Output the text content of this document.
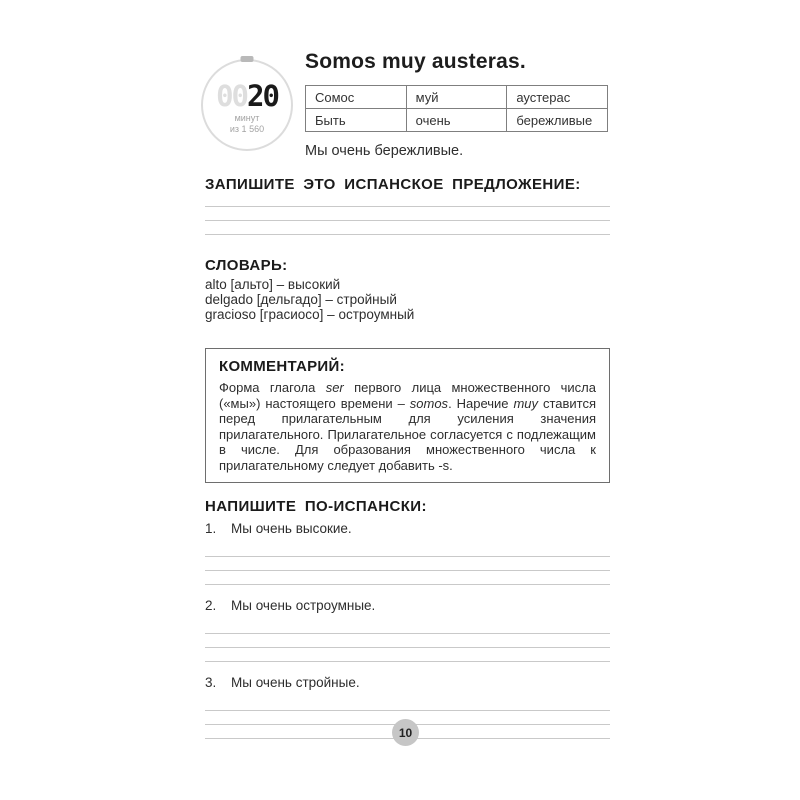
0020
минут
из 1 560
Somos muy austeras.
Сомос	муй	аустерас
Быть	очень	бережливые
Мы очень бережливые.
ЗАПИШИТЕ ЭТО ИСПАНСКОЕ ПРЕДЛОЖЕНИЕ:
СЛОВАРЬ:
alto [альто] – высокий
delgado [дельгадо] – стройный
gracioso [грасиосо] – остроумный
КОММЕНТАРИЙ:
Форма глагола ser первого лица множественного числа («мы») настоящего времени – somos. Наречие muy ставится перед прилагательным для усиления значения прилагательного. Прилагательное согласуется с подлежащим в числе. Для образования множественного числа к прилагательному следует добавить -s.
НАПИШИТЕ ПО-ИСПАНСКИ:
1.	Мы очень высокие.
2.	Мы очень остроумные.
3.	Мы очень стройные.
10
